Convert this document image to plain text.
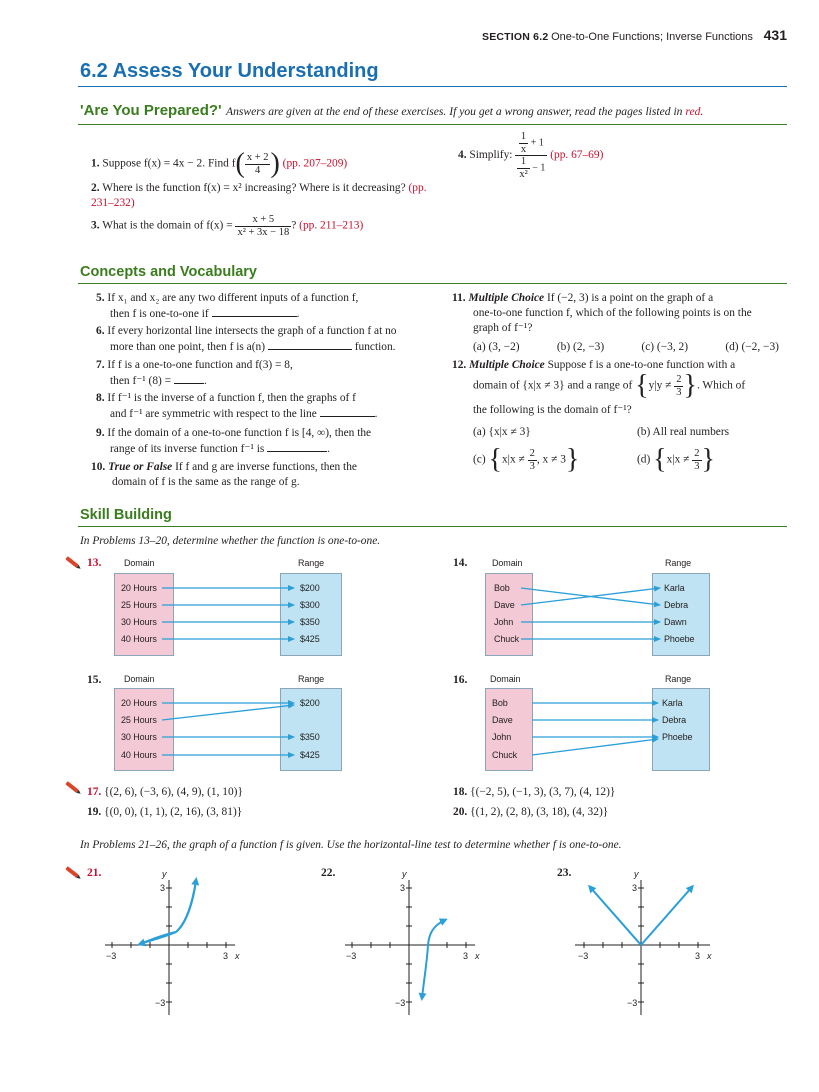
SECTION 6.2 One-to-One Functions; Inverse Functions 431
6.2 Assess Your Understanding
'Are You Prepared?' Answers are given at the end of these exercises. If you get a wrong answer, read the pages listed in red.
1. Suppose f(x) = 4x − 2. Find $f( \frac{x + 2}{4}$ ) (pp. 207–209)
2. Where is the function f(x) = x² increasing? Where is it decreasing? (pp. 231–232)
3. What is the domain of $f(x) = \frac{x + 5}{\text{x² + 3x − 18}}$ ? (pp. 211–213)
4. Simplify: $\frac{\frac{1}{x} + 1}{\frac{1}{\text{x²}} - 1} (pp$. 67–69)
Concepts and Vocabulary
5. If x₁ and x₂ are any two different inputs of a function f,
then f is one-to-one if	.
6. If every horizontal line intersects the graph of a function f at no
more than one point, then f is a(n)	function.
7. If f is a one-to-one function and f(3) = 8,
then f⁻¹ (8) =	.
8. If f⁻¹ is the inverse of a function f, then the graphs of f
and f⁻¹ are symmetric with respect to the line	.
9. If the domain of a one-to-one function f is [4, ∞), then the
range of its inverse function f⁻¹ is	.
10. True or False If f and g are inverse functions, then the
domain of f is the same as the range of g.
11. Multiple Choice If (−2, 3) is a point on the graph of a
one-to-one function f, which of the following points is on the
graph of f⁻¹?
(a) (3, −2)	(b) (2, −3)	(c) (−3, 2)	(d) (−2, −3)
12. Multiple Choice Suppose f is a one-to-one function with a
domain of {x|x ≠ 3} and a range of {$y|y \ne \frac{2}{3}$ }. Which of
the following is the domain of f⁻¹?
(a) {x|x ≠ 3}	(b) All real numbers
(c) {$x|x \ne \frac{2}{3}$ , x ≠ 3}	(d) {$x|x \ne \frac{2}{3}$ }
Skill Building
In Problems 13–20, determine whether the function is one-to-one.
13.	Domain	Range
20 Hours
25 Hours
30 Hours
40 Hours
$200
$300
$350
$425
14.	Domain	Range
Bob
Dave
John
Chuck
Karla
Debra
Dawn
Phoebe
15.	Domain	Range
20 Hours
25 Hours
30 Hours
40 Hours
$200
$350
$425
16.	Domain	Range
Bob
Dave
John
Chuck
Karla
Debra
Phoebe
17. {(2, 6), (−3, 6), (4, 9), (1, 10)}
19. {(0, 0), (1, 1), (2, 16), (3, 81)}
18. {(−2, 5), (−1, 3), (3, 7), (4, 12)}
20. {(1, 2), (2, 8), (3, 18), (4, 32)}
In Problems 21–26, the graph of a function f is given. Use the horizontal-line test to determine whether f is one-to-one.
21.	22.	23.
y
3
−3	3 x
−3
y
3
−3	3 x
−3
y
3
−3	3 x
−3
